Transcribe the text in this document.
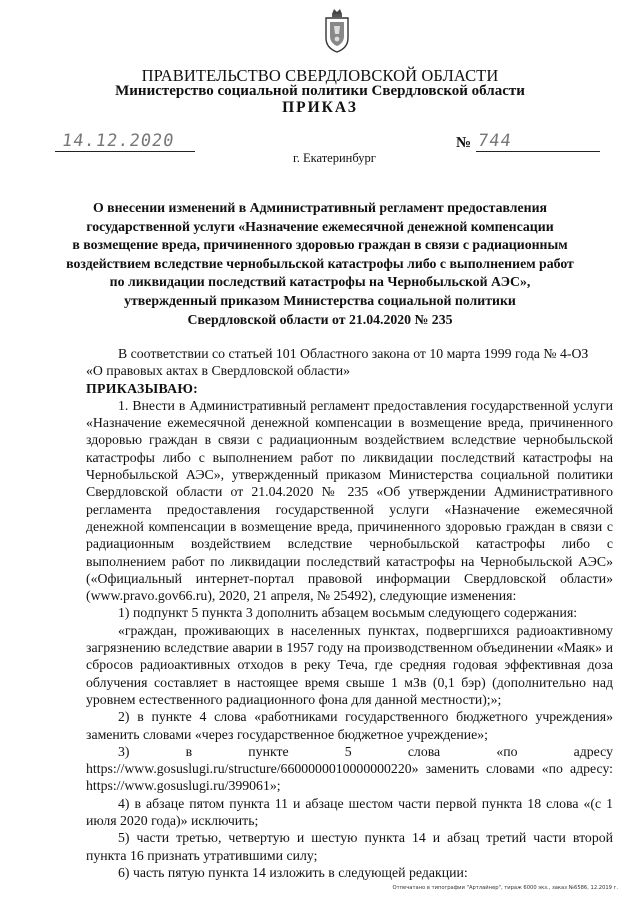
ПРАВИТЕЛЬСТВО СВЕРДЛОВСКОЙ ОБЛАСТИ
Министерство социальной политики Свердловской области
ПРИКАЗ
14.12.2020	№ 744
г. Екатеринбург
О внесении изменений в Административный регламент предоставления
государственной услуги «Назначение ежемесячной денежной компенсации
в возмещение вреда, причиненного здоровью граждан в связи с радиационным
воздействием вследствие чернобыльской катастрофы либо с выполнением работ
по ликвидации последствий катастрофы на Чернобыльской АЭС»,
утвержденный приказом Министерства социальной политики
Свердловской области от 21.04.2020 № 235

В соответствии со статьей 101 Областного закона от 10 марта 1999 года № 4-ОЗ

«О правовых актах в Свердловской области»

ПРИКАЗЫВАЮ:

1. Внести в Административный регламент предоставления государственной услуги «Назначение ежемесячной денежной компенсации в возмещение вреда, причиненного здоровью граждан в связи с радиационным воздействием вследствие чернобыльской катастрофы либо с выполнением работ по ликвидации последствий катастрофы на Чернобыльской АЭС», утвержденный приказом Министерства социальной политики Свердловской области от 21.04.2020 № 235 «Об утверждении Административного регламента предоставления государственной услуги «Назначение ежемесячной денежной компенсации в возмещение вреда, причиненного здоровью граждан в связи с радиационным воздействием вследствие чернобыльской катастрофы либо с выполнением работ по ликвидации последствий катастрофы на Чернобыльской АЭС» («Официальный интернет-портал правовой информации Свердловской области» (www.pravo.gov66.ru), 2020, 21 апреля, № 25492), следующие изменения:

1) подпункт 5 пункта 3 дополнить абзацем восьмым следующего содержания:

«граждан, проживающих в населенных пунктах, подвергшихся радиоактивному загрязнению вследствие аварии в 1957 году на производственном объединении «Маяк» и сбросов радиоактивных отходов в реку Теча, где средняя годовая эффективная доза облучения составляет в настоящее время свыше 1 мЗв (0,1 бэр) (дополнительно над уровнем естественного радиационного фона для данной местности);»;

2) в пункте 4 слова «работниками государственного бюджетного учреждения» заменить словами «через государственное бюджетное учреждение»;

3) в пункте 5 слова «по адресу https://www.gosuslugi.ru/structure/6600000010000000220» заменить словами «по адресу: https://www.gosuslugi.ru/399061»;

4) в абзаце пятом пункта 11 и абзаце шестом части первой пункта 18 слова «(с 1 июля 2020 года)» исключить;

5) части третью, четвертую и шестую пункта 14 и абзац третий части второй пункта 16 признать утратившими силу;

6) часть пятую пункта 14 изложить в следующей редакции:

Отпечатано в типографии "Артлайнер", тираж 6000 экз., заказ №6586, 12.2019 г.
